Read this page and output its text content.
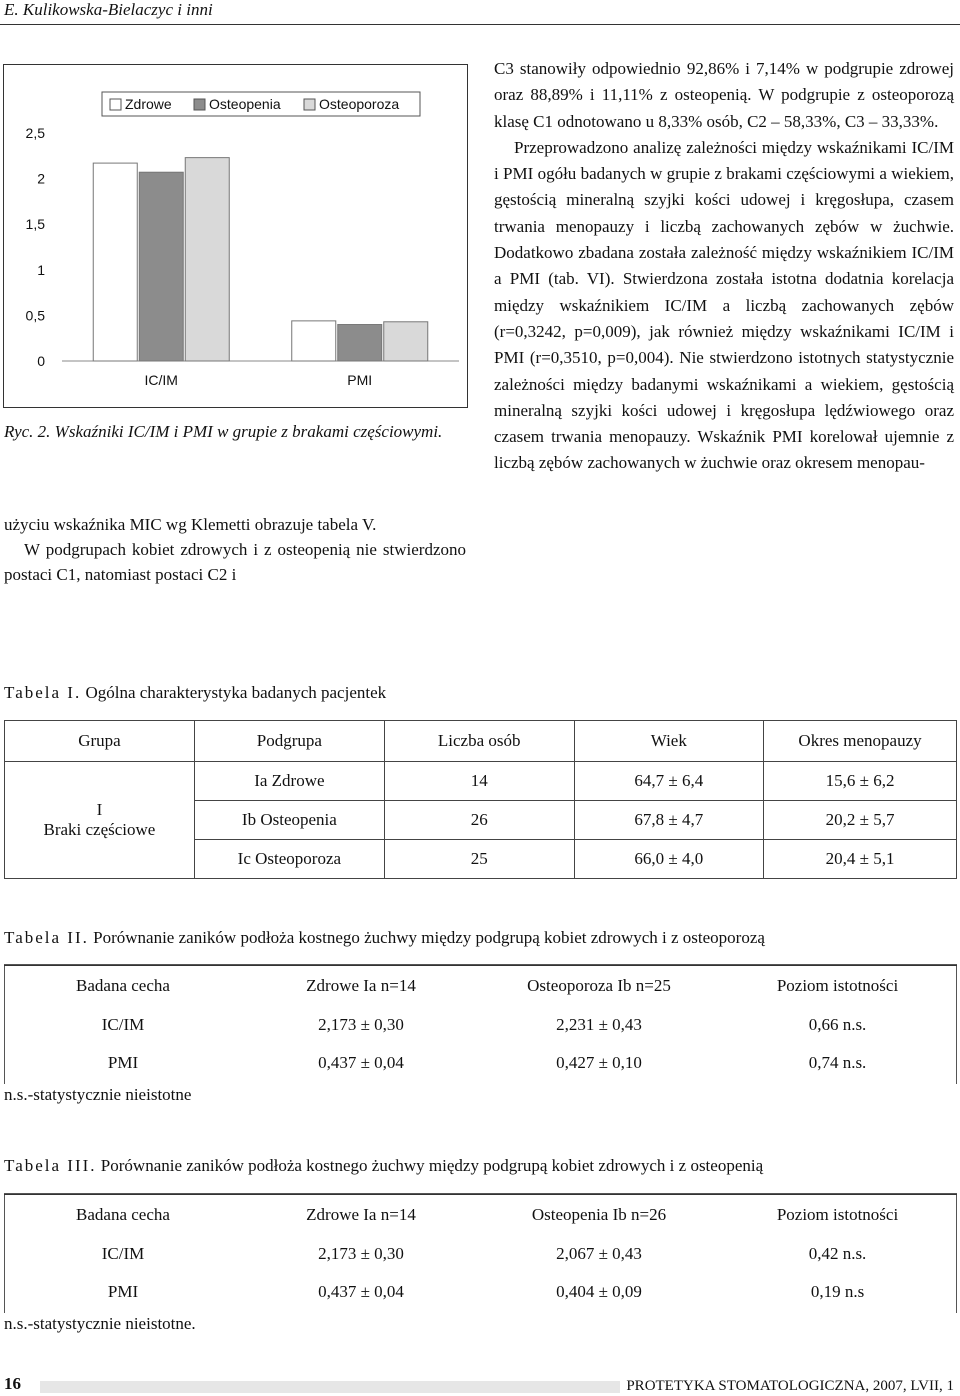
E. Kulikowska-Bielaczyc i inni
0
0,5
1
1,5
2
2,5
IC/IM	PMI
Zdrowe	Osteopenia	Osteoporoza
Ryc. 2. Wskaźniki IC/IM i PMI w grupie z brakami częściowymi.

użyciu wskaźnika MIC wg Klemetti obrazuje tabela V.

W podgrupach kobiet zdrowych i z osteopenią nie stwierdzono postaci C1, natomiast postaci C2 i

C3 stanowiły odpowiednio 92,86% i 7,14% w podgrupie zdrowej oraz 88,89% i 11,11% z osteopenią. W podgrupie z osteoporozą klasę C1 odnotowano u 8,33% osób, C2 – 58,33%, C3 – 33,33%.

Przeprowadzono analizę zależności między wskaźnikami IC/IM i PMI ogółu badanych w grupie z brakami częściowymi a wiekiem, gęstością mineralną szyjki kości udowej i kręgosłupa, czasem trwania menopauzy i liczbą zachowanych zębów w żuchwie. Dodatkowo zbadana została zależność między wskaźnikiem IC/IM a PMI (tab. VI). Stwierdzona została istotna dodatnia korelacja między wskaźnikiem IC/IM a liczbą zachowanych zębów (r=0,3242, p=0,009), jak również między wskaźnikami IC/IM i PMI (r=0,3510, p=0,004). Nie stwierdzono istotnych statystycznie zależności między badanymi wskaźnikami a wiekiem, gęstością mineralną szyjki kości udowej i kręgosłupa lędźwiowego oraz czasem trwania menopauzy. Wskaźnik PMI korelował ujemnie z liczbą zębów zachowanych w żuchwie oraz okresem menopau-

Tabela I. Ogólna charakterystyka badanych pacjentek
Grupa	Podgrupa	Liczba osób	Wiek	Okres menopauzy

I
Braki częściowe	Ia Zdrowe	14	64,7 ± 6,4	15,6 ± 6,2
	Ib Osteopenia	26	67,8 ± 4,7	20,2 ± 5,7
	Ic Osteoporoza	25	66,0 ± 4,0	20,4 ± 5,1
Tabela II. Porównanie zaników podłoża kostnego żuchwy między podgrupą kobiet zdrowych i z osteoporozą
Badana cecha	Zdrowe Ia n=14	Osteoporoza Ib n=25	Poziom istotności
IC/IM	2,173 ± 0,30	2,231 ± 0,43	0,66 n.s.
PMI	0,437 ± 0,04	0,427 ± 0,10	0,74 n.s.
n.s.-statystycznie nieistotne
Tabela III. Porównanie zaników podłoża kostnego żuchwy między podgrupą kobiet zdrowych i z osteopenią
Badana cecha	Zdrowe Ia n=14	Osteopenia Ib n=26	Poziom istotności
IC/IM	2,173 ± 0,30	2,067 ± 0,43	0,42 n.s.
PMI	0,437 ± 0,04	0,404 ± 0,09	0,19 n.s
n.s.-statystycznie nieistotne.
16	PROTETYKA STOMATOLOGICZNA, 2007, LVII, 1
